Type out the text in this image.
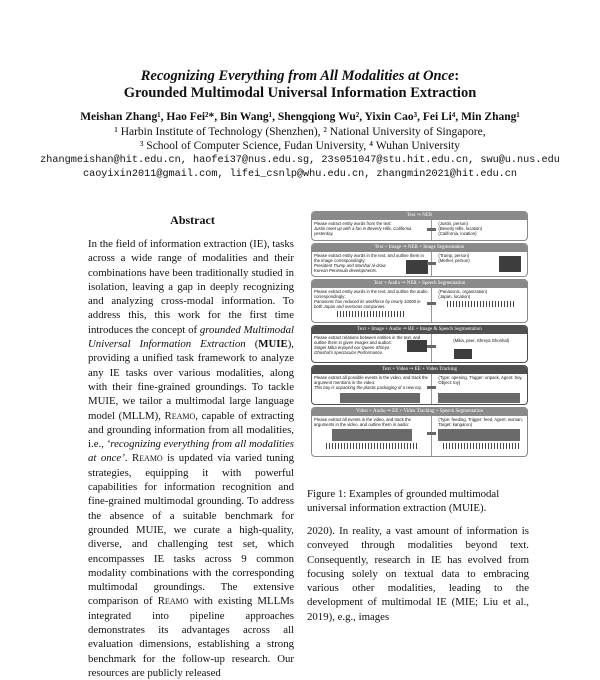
Recognizing Everything from All Modalities at Once:
Grounded Multimodal Universal Information Extraction
Meishan Zhang¹, Hao Fei²*, Bin Wang¹, Shengqiong Wu², Yixin Cao³, Fei Li⁴, Min Zhang¹
¹ Harbin Institute of Technology (Shenzhen), ² National University of Singapore,
³ School of Computer Science, Fudan University, ⁴ Wuhan University
zhangmeishan@hit.edu.cn, haofei37@nus.edu.sg, 23s051047@stu.hit.edu.cn, swu@u.nus.edu
caoyixin2011@gmail.com, lifei_csnlp@whu.edu.cn, zhangmin2021@hit.edu.cn
Abstract

In the field of information extraction (IE), tasks across a wide range of modalities and their combinations have been traditionally studied in isolation, leaving a gap in deeply recognizing and analyzing cross-modal information. To address this, this work for the first time introduces the concept of grounded Multimodal Universal Information Extraction (MUIE), providing a unified task framework to analyze any IE tasks over various modalities, along with their fine-grained groundings. To tackle MUIE, we tailor a multimodal large language model (MLLM), Reamo, capable of extracting and grounding information from all modalities, i.e., ‘recognizing everything from all modalities at once’. Reamo is updated via varied tuning strategies, equipping it with powerful capabilities for information recognition and fine-grained multimodal grounding. To address the absence of a suitable benchmark for grounded MUIE, we curate a high-quality, diverse, and challenging test set, which encompasses IE tasks across 9 common modality combinations with the corresponding multimodal groundings. The extensive comparison of Reamo with existing MLLMs integrated into pipeline approaches demonstrates its advantages across all evaluation dimensions, establishing a strong benchmark for the follow-up research. Our resources are publicly released

Text ⇒ NER
Please extract entity words from the text:
Justin meet up with a fan in Beverly Hills, California yesterday.
(Justin, person)
(Beverly Hills, location)
(California, location)
Text + Image ⇒ NER + Image Segmentation
Please extract entity words in the text, and outline them in the image correspondingly:
President Trump and Marshal al-draw Korean Peninsula developments.
(Trump, person)
(Merkel, person)
Text + Audio ⇒ NER + Speech Segmentation
Please extract entity words in the text, and outline the audio correspondingly:
Panasonic has reduced its workforce by nearly 10000 in both Japan and overseas companies.
(Panasonic, organization)
(Japan, location)
Text + Image + Audio ⇒ RE + Image & Speech Segmentation
Please extract relations between entities in the text, and outline them in given images and audios:
Singer Mika enjoyed our Queen Shreya Ghoshal's spectacular Performance.
(Mika, peer, Shreya Ghoshal)
Text + Video ⇒ EE + Video Tracking
Please extract all possible events in the video, and track the argument mentions in the video:
This boy is unpacking the plastic packaging of a new toy.
(Type: opening, Trigger: unpack, Agent: boy, Object: toy)
Video + Audio ⇒ EE + Video Tracking + Speech Segmentation
Please extract all events in the video, and track the arguments in the video, and outline them in audio:
(Type: feeding, Trigger: feed, Agent: woman, Target: kangaroo)
Figure 1: Examples of grounded multimodal universal information extraction (MUIE).

2020). In reality, a vast amount of information is conveyed through modalities beyond text. Consequently, research in IE has evolved from focusing solely on textual data to embracing various other modalities, leading to the development of multimodal IE (MIE; Liu et al., 2019), e.g., images
